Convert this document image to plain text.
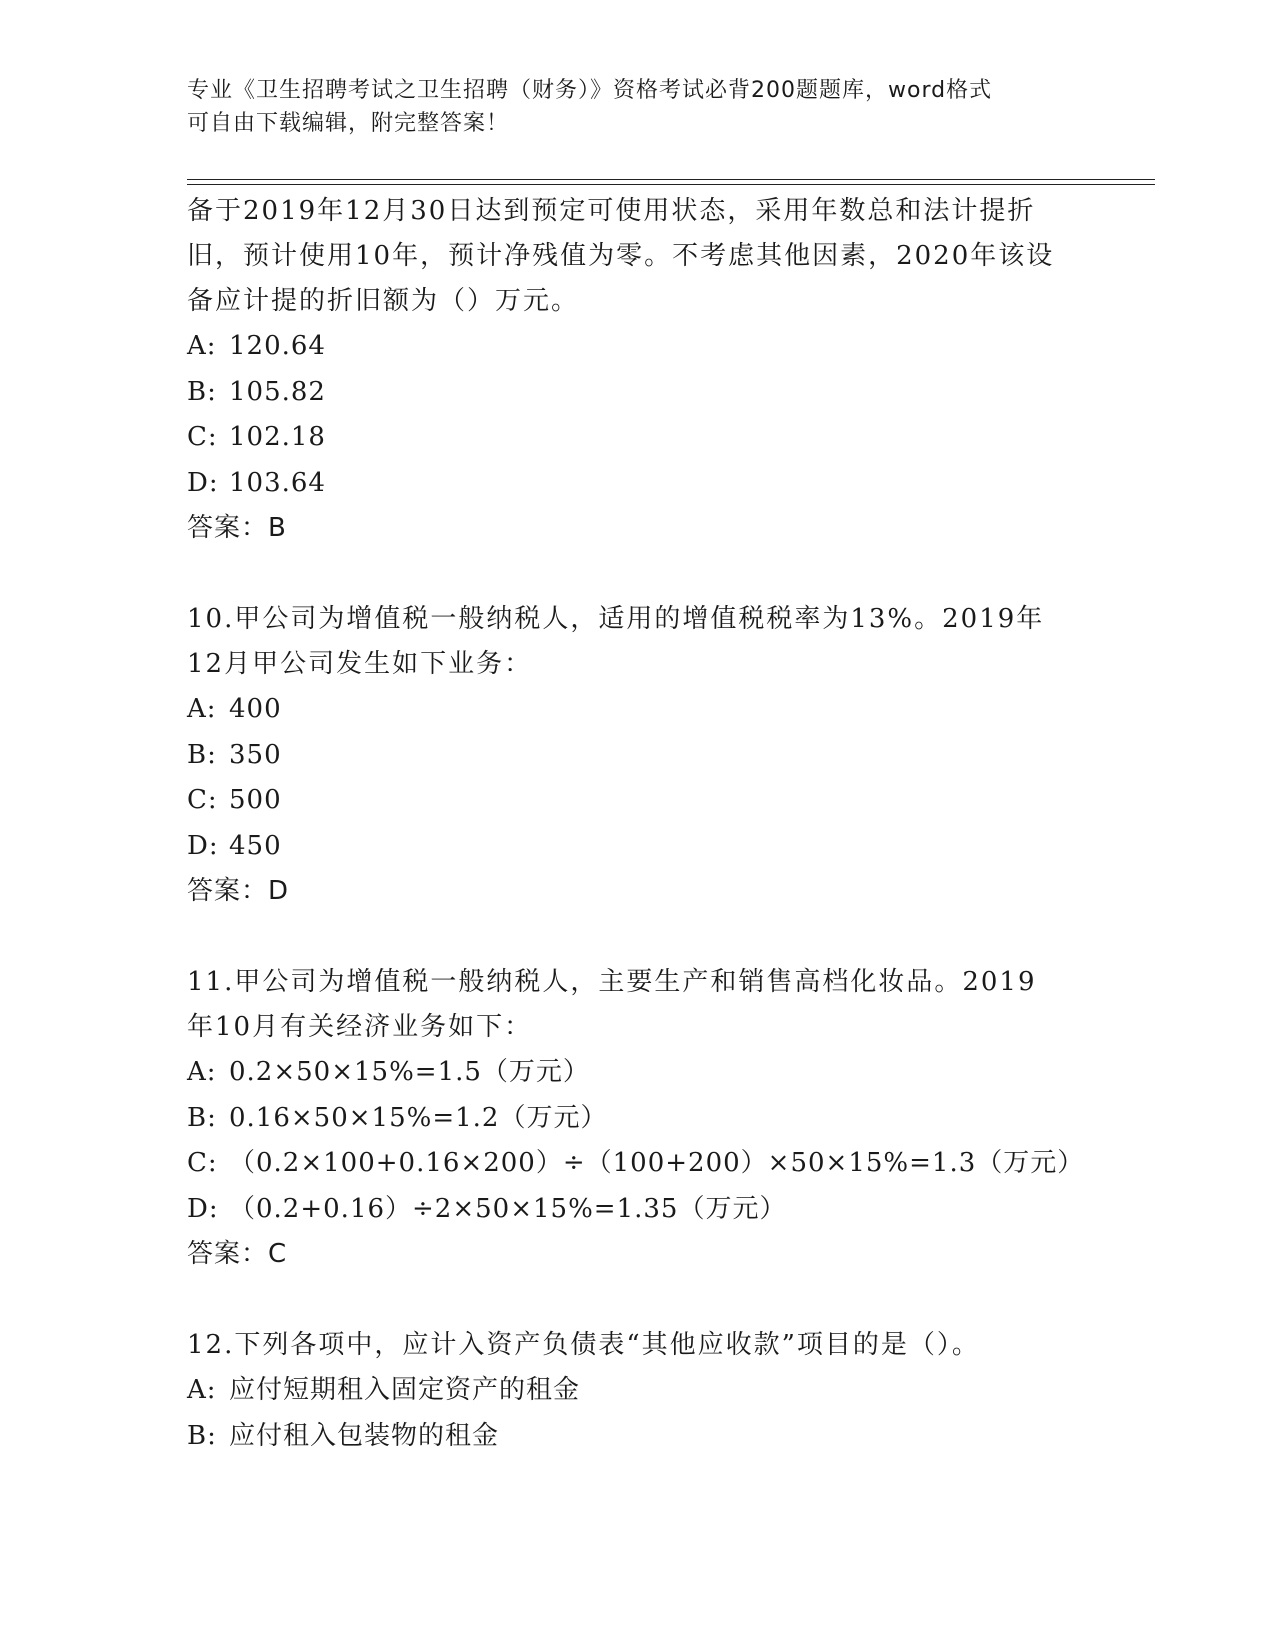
专业《卫生招聘考试之卫生招聘（财务）》资格考试必背200题题库，word格式
可自由下载编辑，附完整答案！
备于2019年12月30日达到预定可使用状态，采用年数总和法计提折
旧，预计使用10年，预计净残值为零。不考虑其他因素，2020年该设
备应计提的折旧额为（）万元。
A: 120.64
B: 105.82
C: 102.18
D: 103.64
答案：B
10.甲公司为增值税一般纳税人，适用的增值税税率为13%。2019年
12月甲公司发生如下业务：
A: 400
B: 350
C: 500
D: 450
答案：D
11.甲公司为增值税一般纳税人，主要生产和销售高档化妆品。2019
年10月有关经济业务如下：
A: 0.2×50×15%=1.5（万元）
B: 0.16×50×15%=1.2（万元）
C: （0.2×100+0.16×200）÷（100+200）×50×15%=1.3（万元）
D: （0.2+0.16）÷2×50×15%=1.35（万元）
答案：C
12.下列各项中，应计入资产负债表“其他应收款”项目的是（）。
A: 应付短期租入固定资产的租金
B: 应付租入包装物的租金
